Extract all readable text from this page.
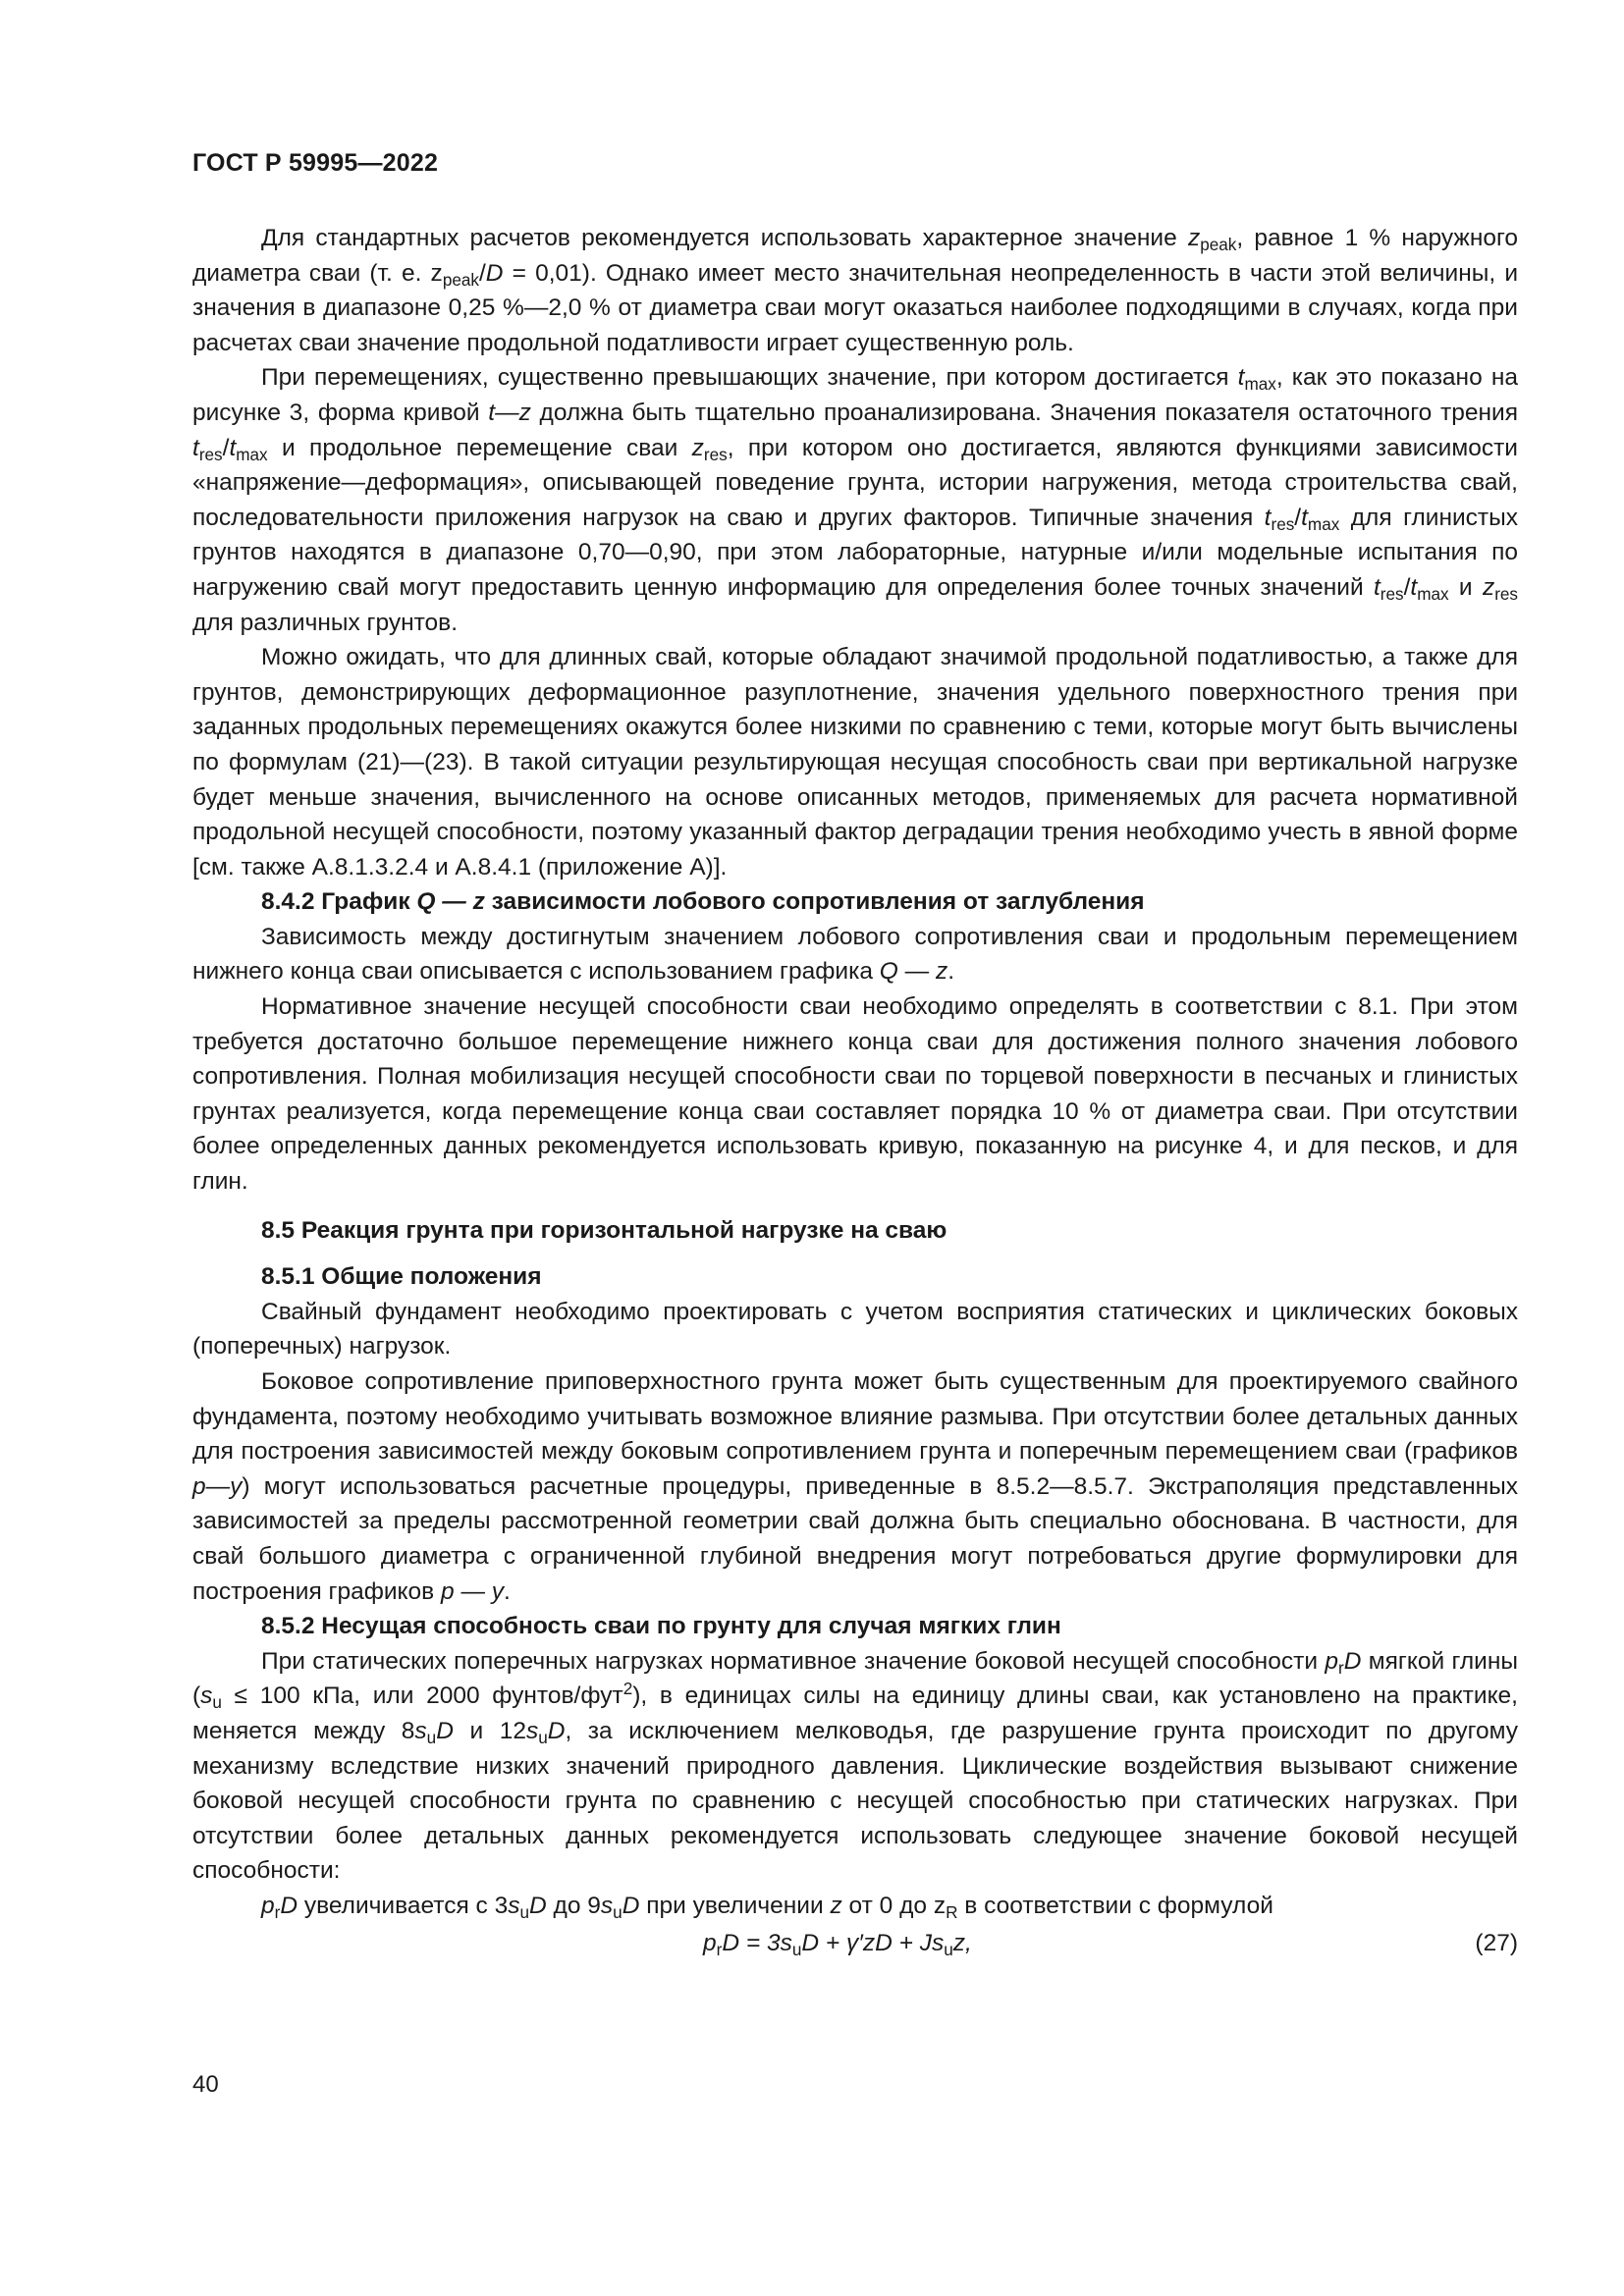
ГОСТ Р 59995—2022

Для стандартных расчетов рекомендуется использовать характерное значение $z_{peak}$, равное 1 % наружного диаметра сваи (т. е. $z_{peak}/D = 0,01$). Однако имеет место значительная неопределенность в части этой величины, и значения в диапазоне 0,25 %—2,0 % от диаметра сваи могут оказаться наиболее подходящими в случаях, когда при расчетах сваи значение продольной податливости играет существенную роль.

При перемещениях, существенно превышающих значение, при котором достигается $t_{max}$, как это показано на рисунке 3, форма кривой t—z должна быть тщательно проанализирована. Значения показателя остаточного трения $t_{res}/t_{max}$ и продольное перемещение сваи $z_{res}$, при котором оно достигается, являются функциями зависимости «напряжение—деформация», описывающей поведение грунта, истории нагружения, метода строительства свай, последовательности приложения нагрузок на сваю и других факторов. Типичные значения $t_{res}/t_{max}$ для глинистых грунтов находятся в диапазоне 0,70—0,90, при этом лабораторные, натурные и/или модельные испытания по нагружению свай могут предоставить ценную информацию для определения более точных значений $t_{res}/t_{max}$ и $z_{res}$ для различных грунтов.

Можно ожидать, что для длинных свай, которые обладают значимой продольной податливостью, а также для грунтов, демонстрирующих деформационное разуплотнение, значения удельного поверхностного трения при заданных продольных перемещениях окажутся более низкими по сравнению с теми, которые могут быть вычислены по формулам (21)—(23). В такой ситуации результирующая несущая способность сваи при вертикальной нагрузке будет меньше значения, вычисленного на основе описанных методов, применяемых для расчета нормативной продольной несущей способности, поэтому указанный фактор деградации трения необходимо учесть в явной форме [см. также А.8.1.3.2.4 и А.8.4.1 (приложение А)].

8.4.2 График Q — z зависимости лобового сопротивления от заглубления

Зависимость между достигнутым значением лобового сопротивления сваи и продольным перемещением нижнего конца сваи описывается с использованием графика Q — z.

Нормативное значение несущей способности сваи необходимо определять в соответствии с 8.1. При этом требуется достаточно большое перемещение нижнего конца сваи для достижения полного значения лобового сопротивления. Полная мобилизация несущей способности сваи по торцевой поверхности в песчаных и глинистых грунтах реализуется, когда перемещение конца сваи составляет порядка 10 % от диаметра сваи. При отсутствии более определенных данных рекомендуется использовать кривую, показанную на рисунке 4, и для песков, и для глин.

8.5 Реакция грунта при горизонтальной нагрузке на сваю

8.5.1 Общие положения

Свайный фундамент необходимо проектировать с учетом восприятия статических и циклических боковых (поперечных) нагрузок.

Боковое сопротивление приповерхностного грунта может быть существенным для проектируемого свайного фундамента, поэтому необходимо учитывать возможное влияние размыва. При отсутствии более детальных данных для построения зависимостей между боковым сопротивлением грунта и поперечным перемещением сваи (графиков p—y) могут использоваться расчетные процедуры, приведенные в 8.5.2—8.5.7. Экстраполяция представленных зависимостей за пределы рассмотренной геометрии свай должна быть специально обоснована. В частности, для свай большого диаметра с ограниченной глубиной внедрения могут потребоваться другие формулировки для построения графиков p — y.

8.5.2 Несущая способность сваи по грунту для случая мягких глин

При статических поперечных нагрузках нормативное значение боковой несущей способности $p_rD$ мягкой глины ($s_u \le 100$ кПа, или 2000 фунтов/фут$^2$), в единицах силы на единицу длины сваи, как установлено на практике, меняется между $8s_uD$ и $12s_uD$, за исключением мелководья, где разрушение грунта происходит по другому механизму вследствие низких значений природного давления. Циклические воздействия вызывают снижение боковой несущей способности грунта по сравнению с несущей способностью при статических нагрузках. При отсутствии более детальных данных рекомендуется использовать следующее значение боковой несущей способности:

$p_rD$ увеличивается с $3s_uD$ до $9s_uD$ при увеличении z от 0 до $z_R$ в соответствии с формулой

$p_rD = 3s_uD + \gamma'zD + Js_uz$,	(27)
40
